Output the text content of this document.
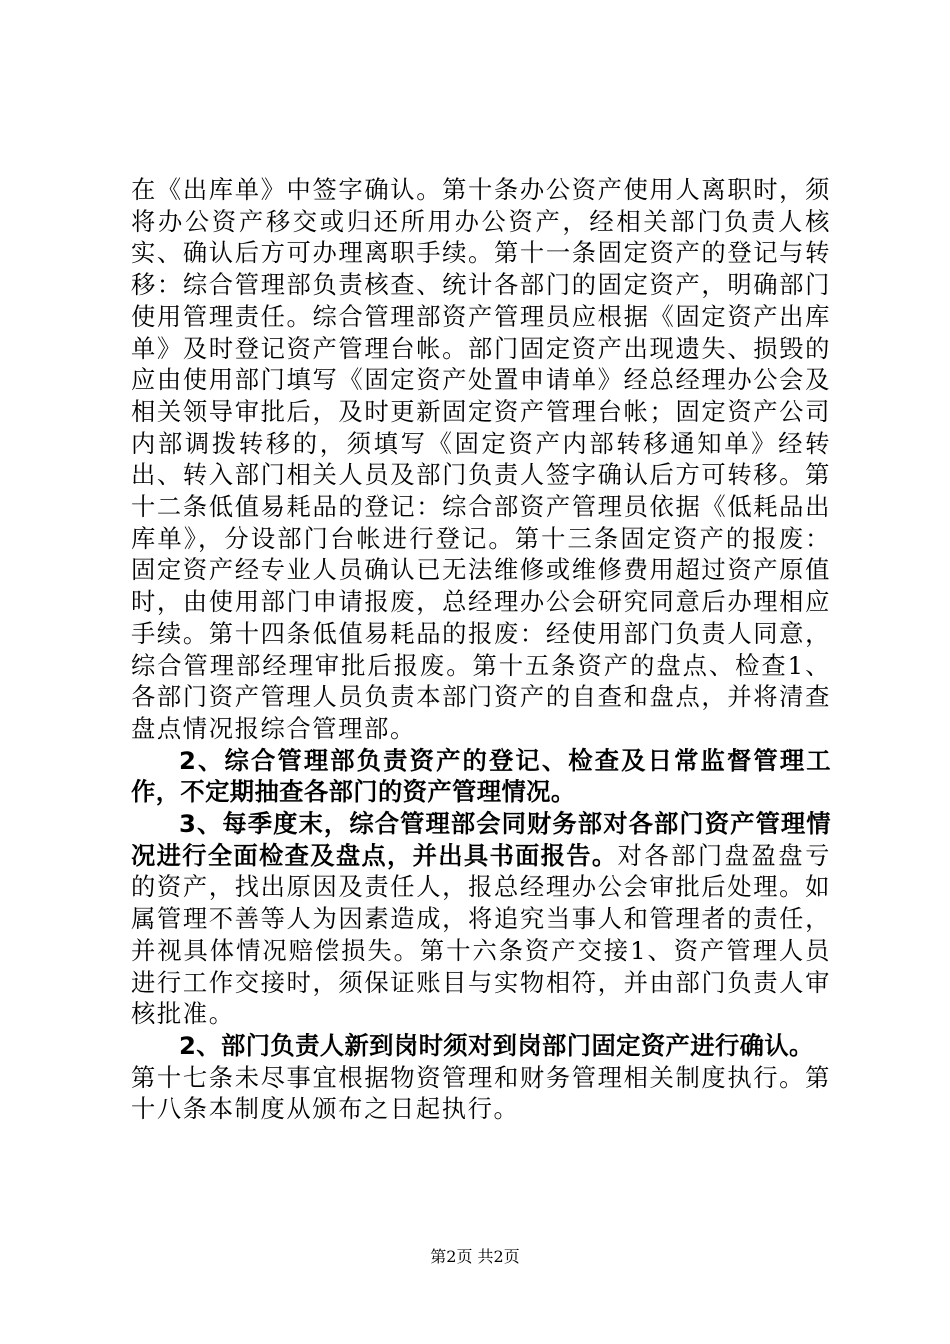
在《出库单》中签字确认。第十条办公资产使用人离职时，须将办公资产移交或归还所用办公资产，经相关部门负责人核实、确认后方可办理离职手续。第十一条固定资产的登记与转移：综合管理部负责核查、统计各部门的固定资产，明确部门使用管理责任。综合管理部资产管理员应根据《固定资产出库单》及时登记资产管理台帐。部门固定资产出现遗失、损毁的应由使用部门填写《固定资产处置申请单》经总经理办公会及相关领导审批后，及时更新固定资产管理台帐；固定资产公司内部调拨转移的，须填写《固定资产内部转移通知单》经转出、转入部门相关人员及部门负责人签字确认后方可转移。第十二条低值易耗品的登记：综合部资产管理员依据《低耗品出库单》，分设部门台帐进行登记。第十三条固定资产的报废：固定资产经专业人员确认已无法维修或维修费用超过资产原值时，由使用部门申请报废，总经理办公会研究同意后办理相应手续。第十四条低值易耗品的报废：经使用部门负责人同意，综合管理部经理审批后报废。第十五条资产的盘点、检查1、各部门资产管理人员负责本部门资产的自查和盘点，并将清查盘点情况报综合管理部。

2、综合管理部负责资产的登记、检查及日常监督管理工作，不定期抽查各部门的资产管理情况。

3、每季度末，综合管理部会同财务部对各部门资产管理情况进行全面检查及盘点，并出具书面报告。对各部门盘盈盘亏的资产，找出原因及责任人，报总经理办公会审批后处理。如属管理不善等人为因素造成，将追究当事人和管理者的责任，并视具体情况赔偿损失。第十六条资产交接1、资产管理人员进行工作交接时，须保证账目与实物相符，并由部门负责人审核批准。

2、部门负责人新到岗时须对到岗部门固定资产进行确认。

第十七条未尽事宜根据物资管理和财务管理相关制度执行。第十八条本制度从颁布之日起执行。

第2页 共2页
